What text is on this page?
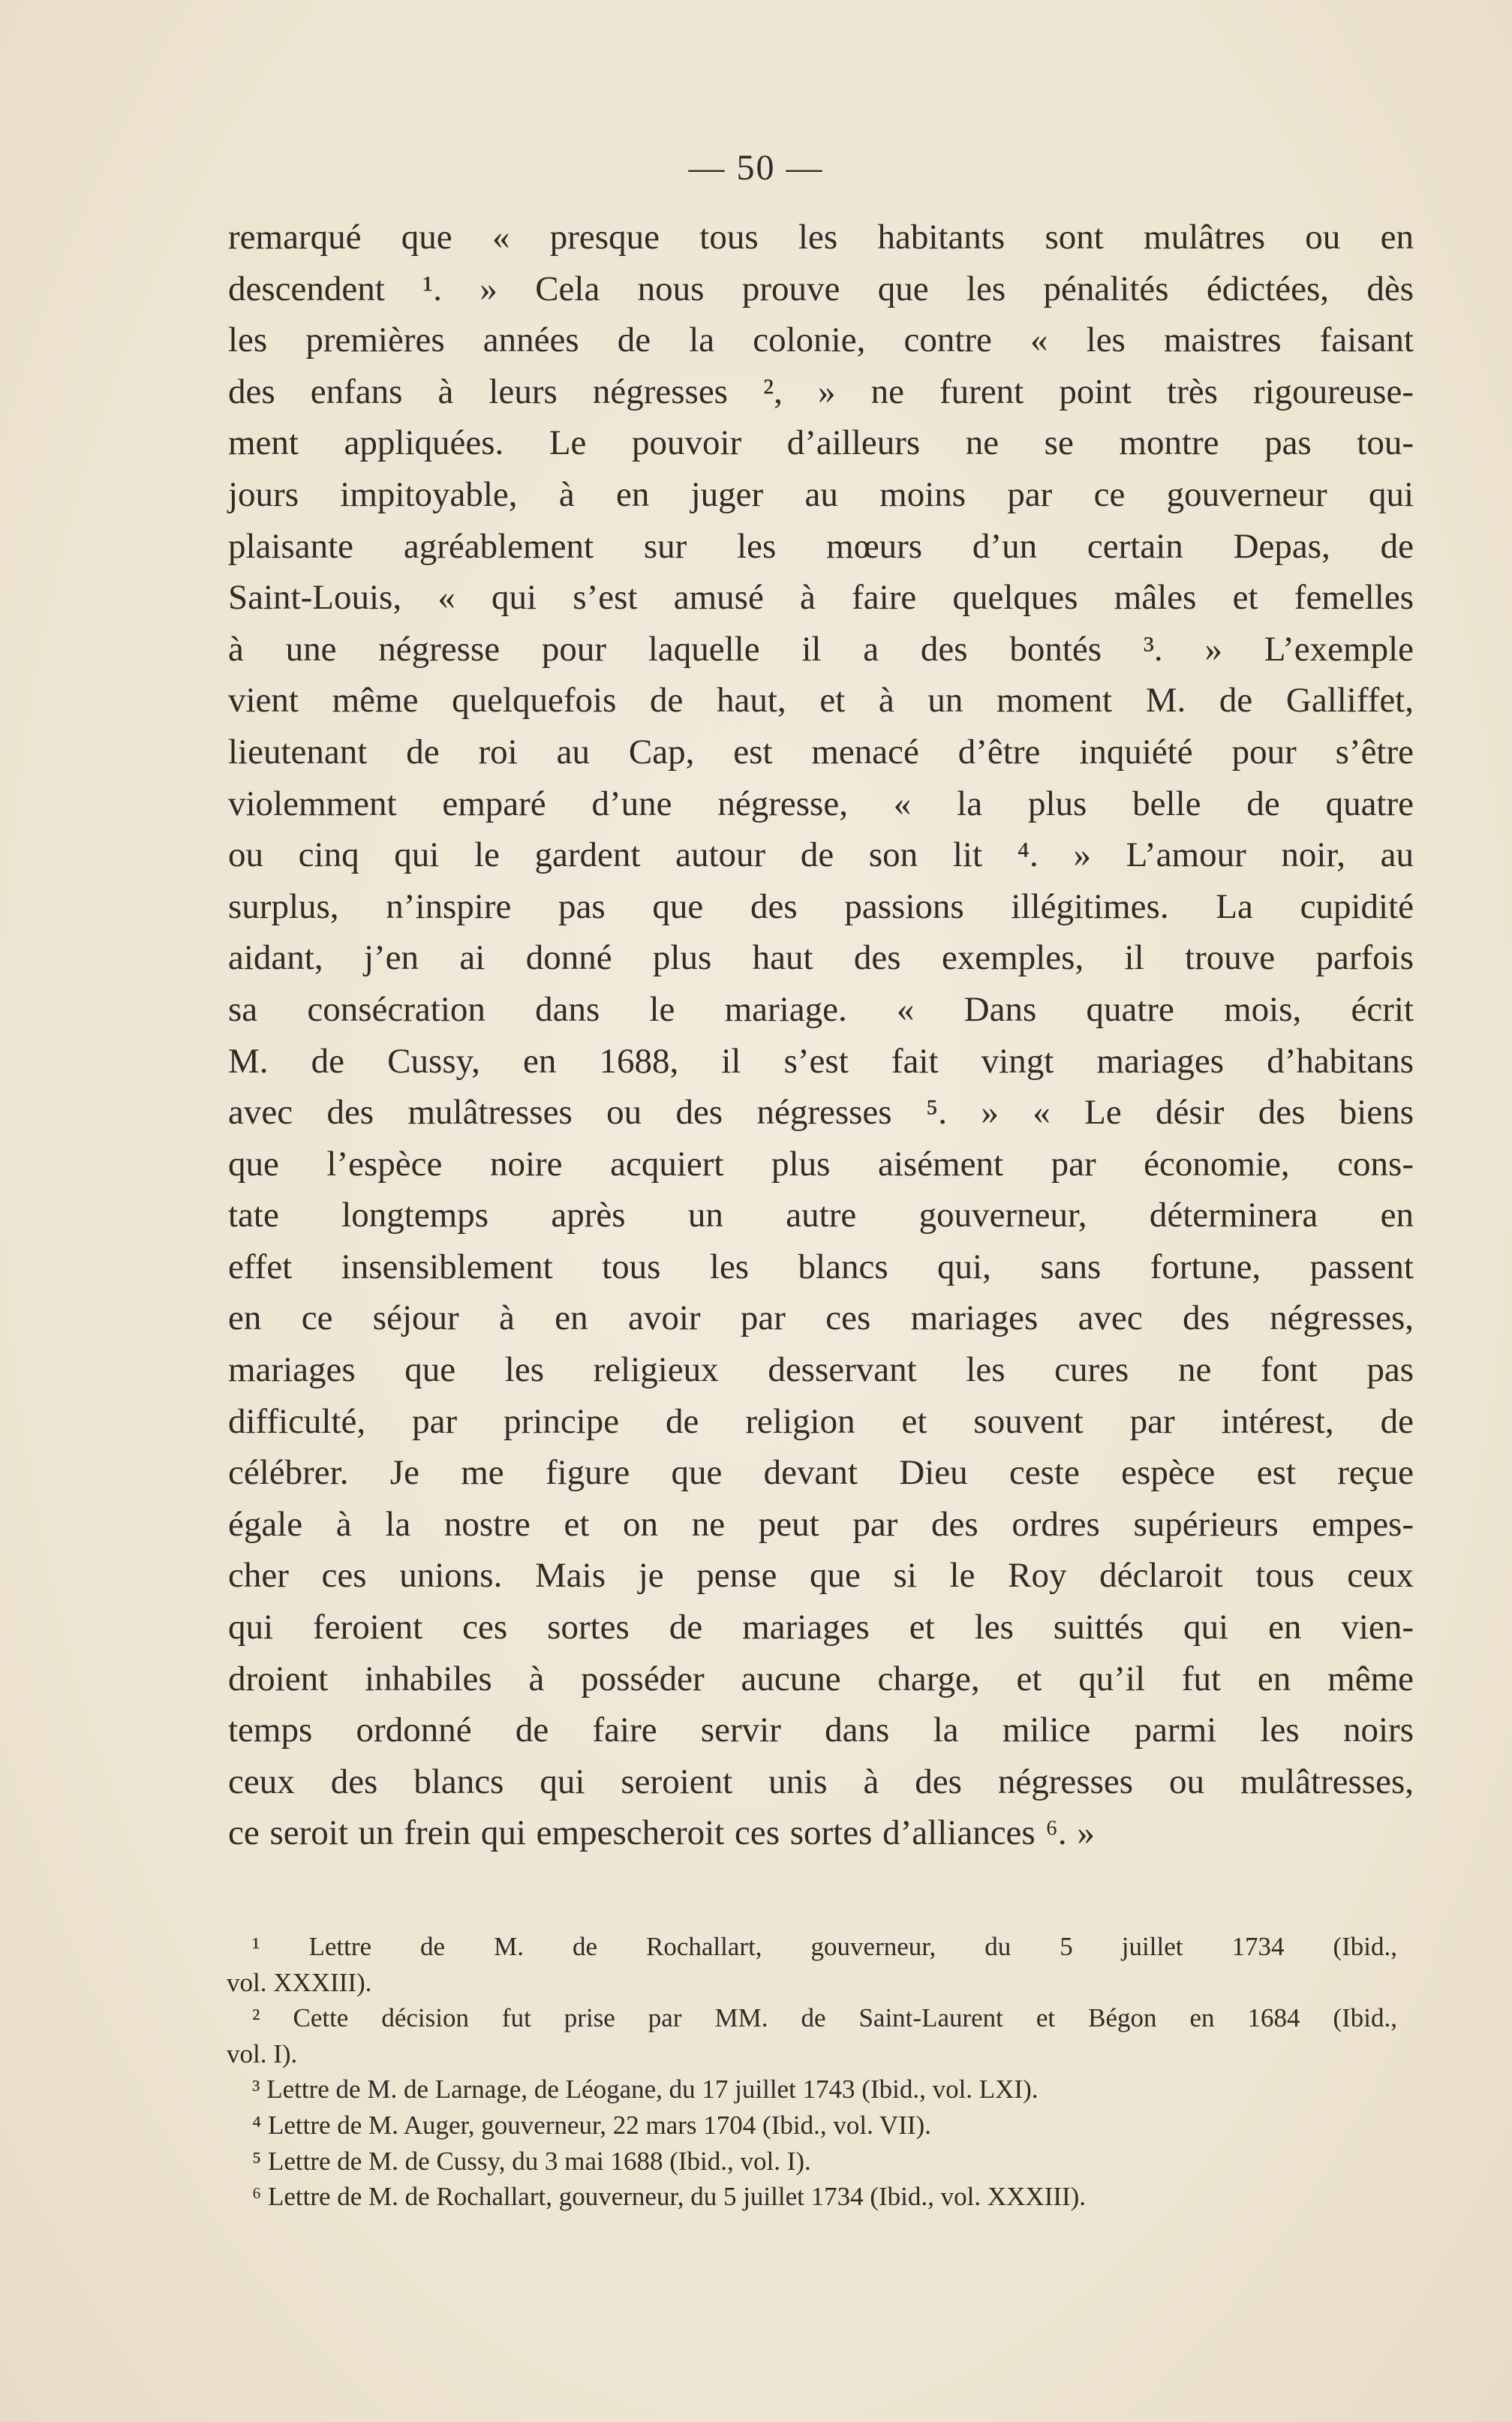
— 50 —
remarqué que « presque tous les habitants sont mulâtres ou en
descendent ¹. » Cela nous prouve que les pénalités édictées, dès
les premières années de la colonie, contre « les maistres faisant
des enfans à leurs négresses ², » ne furent point très rigoureuse-
ment appliquées. Le pouvoir d’ailleurs ne se montre pas tou-
jours impitoyable, à en juger au moins par ce gouverneur qui
plaisante agréablement sur les mœurs d’un certain Depas, de
Saint-Louis, « qui s’est amusé à faire quelques mâles et femelles
à une négresse pour laquelle il a des bontés ³. » L’exemple
vient même quelquefois de haut, et à un moment M. de Galliffet,
lieutenant de roi au Cap, est menacé d’être inquiété pour s’être
violemment emparé d’une négresse, « la plus belle de quatre
ou cinq qui le gardent autour de son lit ⁴. » L’amour noir, au
surplus, n’inspire pas que des passions illégitimes. La cupidité
aidant, j’en ai donné plus haut des exemples, il trouve parfois
sa consécration dans le mariage. « Dans quatre mois, écrit
M. de Cussy, en 1688, il s’est fait vingt mariages d’habitans
avec des mulâtresses ou des négresses ⁵. » « Le désir des biens
que l’espèce noire acquiert plus aisément par économie, cons-
tate longtemps après un autre gouverneur, déterminera en
effet insensiblement tous les blancs qui, sans fortune, passent
en ce séjour à en avoir par ces mariages avec des négresses,
mariages que les religieux desservant les cures ne font pas
difficulté, par principe de religion et souvent par intérest, de
célébrer. Je me figure que devant Dieu ceste espèce est reçue
égale à la nostre et on ne peut par des ordres supérieurs empes-
cher ces unions. Mais je pense que si le Roy déclaroit tous ceux
qui feroient ces sortes de mariages et les suittés qui en vien-
droient inhabiles à posséder aucune charge, et qu’il fut en même
temps ordonné de faire servir dans la milice parmi les noirs
ceux des blancs qui seroient unis à des négresses ou mulâtresses,
ce seroit un frein qui empescheroit ces sortes d’alliances ⁶. »
¹ Lettre de M. de Rochallart, gouverneur, du 5 juillet 1734 (Ibid.,
vol. XXXIII).
² Cette décision fut prise par MM. de Saint-Laurent et Bégon en 1684 (Ibid.,
vol. I).
³ Lettre de M. de Larnage, de Léogane, du 17 juillet 1743 (Ibid., vol. LXI).
⁴ Lettre de M. Auger, gouverneur, 22 mars 1704 (Ibid., vol. VII).
⁵ Lettre de M. de Cussy, du 3 mai 1688 (Ibid., vol. I).
⁶ Lettre de M. de Rochallart, gouverneur, du 5 juillet 1734 (Ibid., vol. XXXIII).
